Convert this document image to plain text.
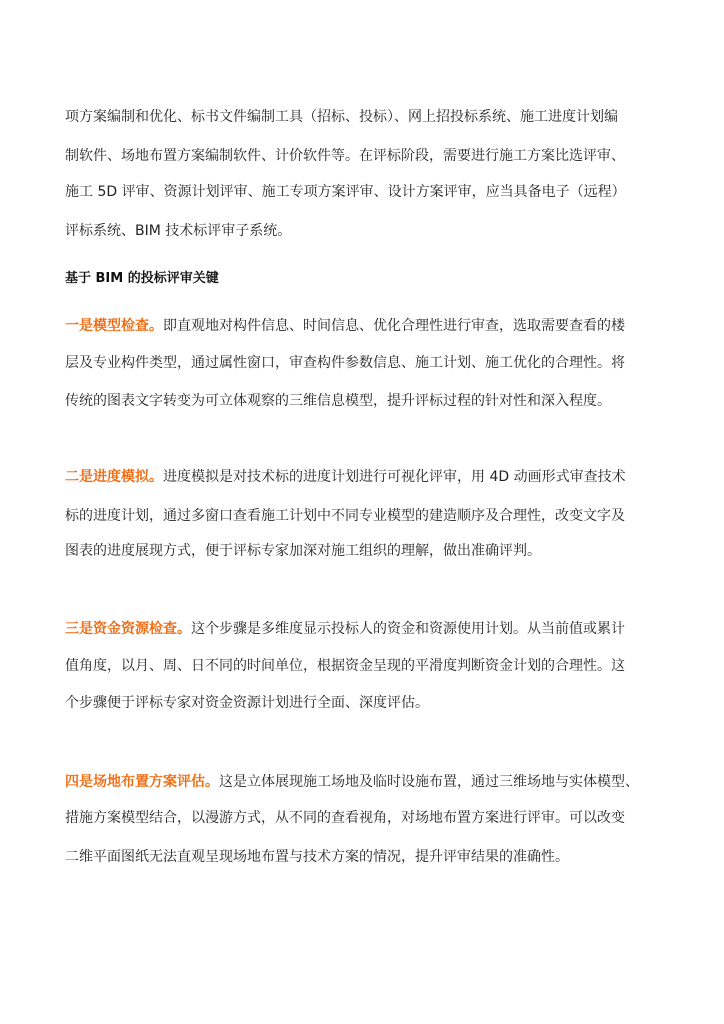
项方案编制和优化、标书文件编制工具（招标、投标）、网上招投标系统、施工进度计划编
制软件、场地布置方案编制软件、计价软件等。在评标阶段，需要进行施工方案比选评审、
施工 5D 评审、资源计划评审、施工专项方案评审、设计方案评审，应当具备电子（远程）
评标系统、BIM 技术标评审子系统。
基于 BIM 的投标评审关键
一是模型检查。即直观地对构件信息、时间信息、优化合理性进行审查，选取需要查看的楼
层及专业构件类型，通过属性窗口，审查构件参数信息、施工计划、施工优化的合理性。将
传统的图表文字转变为可立体观察的三维信息模型，提升评标过程的针对性和深入程度。
二是进度模拟。进度模拟是对技术标的进度计划进行可视化评审，用 4D 动画形式审查技术
标的进度计划，通过多窗口查看施工计划中不同专业模型的建造顺序及合理性，改变文字及
图表的进度展现方式，便于评标专家加深对施工组织的理解，做出准确评判。
三是资金资源检查。这个步骤是多维度显示投标人的资金和资源使用计划。从当前值或累计
值角度，以月、周、日不同的时间单位，根据资金呈现的平滑度判断资金计划的合理性。这
个步骤便于评标专家对资金资源计划进行全面、深度评估。
四是场地布置方案评估。这是立体展现施工场地及临时设施布置，通过三维场地与实体模型、
措施方案模型结合，以漫游方式，从不同的查看视角，对场地布置方案进行评审。可以改变
二维平面图纸无法直观呈现场地布置与技术方案的情况，提升评审结果的准确性。
